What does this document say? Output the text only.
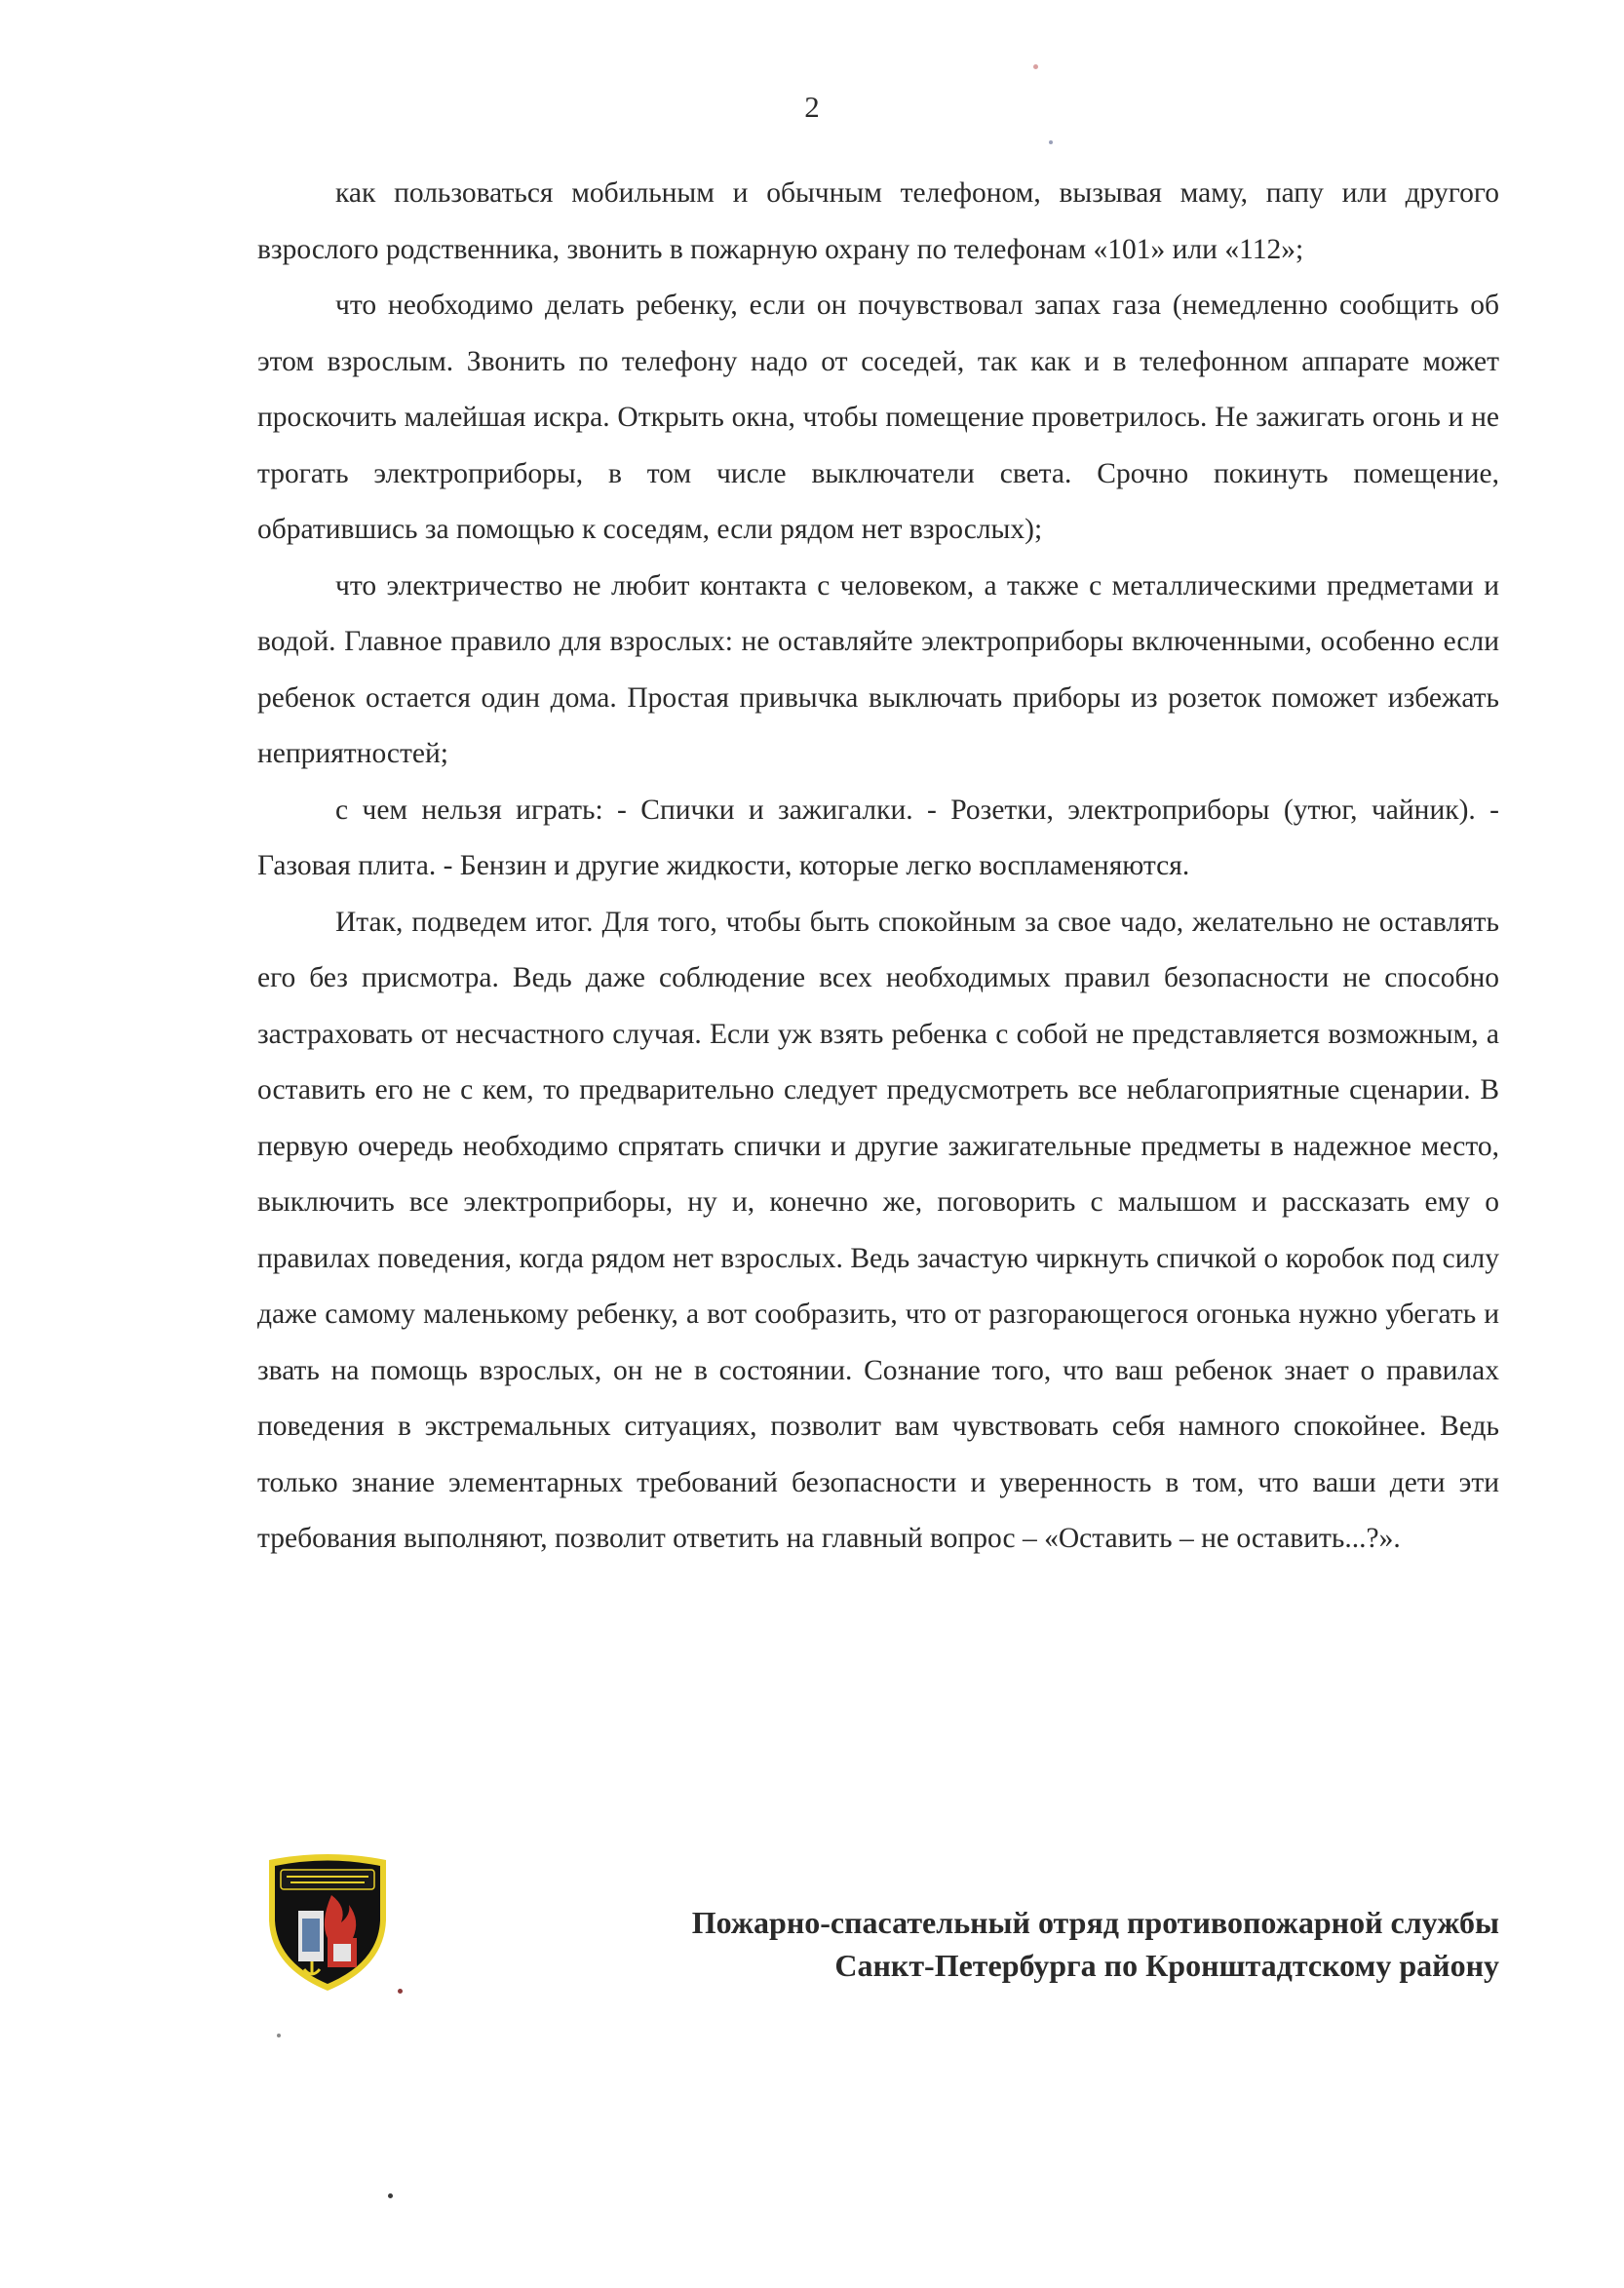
2

как пользоваться мобильным и обычным телефоном, вызывая маму, папу или другого взрослого родственника, звонить в пожарную охрану по телефонам «101» или «112»;

что необходимо делать ребенку, если он почувствовал запах газа (немедленно сообщить об этом взрослым. Звонить по телефону надо от соседей, так как и в телефонном аппарате может проскочить малейшая искра. Открыть окна, чтобы помещение проветрилось. Не зажигать огонь и не трогать электроприборы, в том числе выключатели света. Срочно покинуть помещение, обратившись за помощью к соседям, если рядом нет взрослых);

что электричество не любит контакта с человеком, а также с металлическими предметами и водой. Главное правило для взрослых: не оставляйте электроприборы включенными, особенно если ребенок остается один дома. Простая привычка выключать приборы из розеток поможет избежать неприятностей;

с чем нельзя играть: - Спички и зажигалки. - Розетки, электроприборы (утюг, чайник). - Газовая плита. - Бензин и другие жидкости, которые легко воспламеняются.

Итак, подведем итог. Для того, чтобы быть спокойным за свое чадо, желательно не оставлять его без присмотра. Ведь даже соблюдение всех необходимых правил безопасности не способно застраховать от несчастного случая. Если уж взять ребенка с собой не представляется возможным, а оставить его не с кем, то предварительно следует предусмотреть все неблагоприятные сценарии. В первую очередь необходимо спрятать спички и другие зажигательные предметы в надежное место, выключить все электроприборы, ну и, конечно же, поговорить с малышом и рассказать ему о правилах поведения, когда рядом нет взрослых. Ведь зачастую чиркнуть спичкой о коробок под силу даже самому маленькому ребенку, а вот сообразить, что от разгорающегося огонька нужно убегать и звать на помощь взрослых, он не в состоянии. Сознание того, что ваш ребенок знает о правилах поведения в экстремальных ситуациях, позволит вам чувствовать себя намного спокойнее. Ведь только знание элементарных требований безопасности и уверенность в том, что ваши дети эти требования выполняют, позволит ответить на главный вопрос – «Оставить – не оставить...?».

Пожарно-спасательный отряд противопожарной службы
Санкт-Петербурга по Кронштадтскому району
